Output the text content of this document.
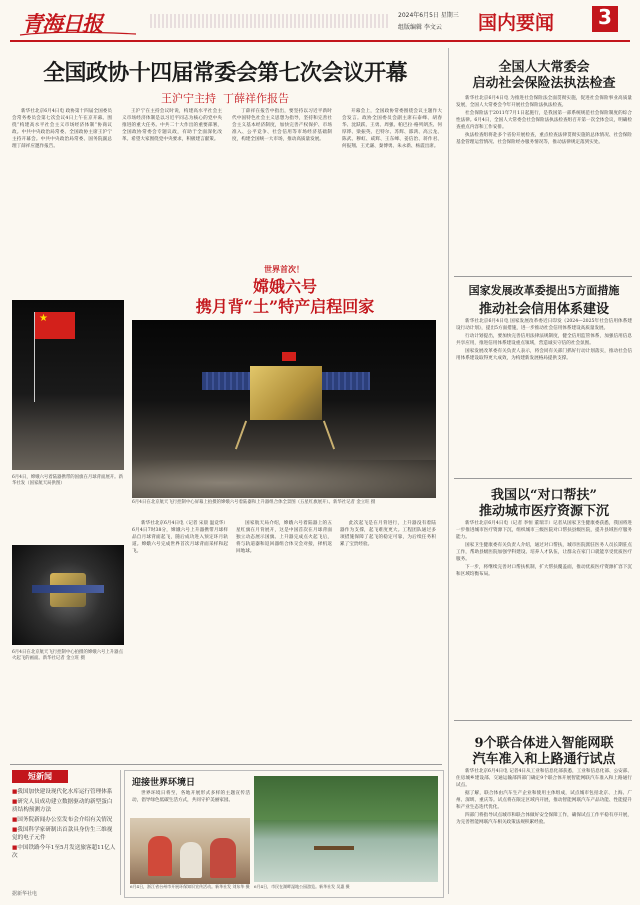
青海日报	2024年6月5日 星期三
组版编辑 李文云 国内要闻	3
全国政协十四届常委会第七次会议开幕
王沪宁主持  丁薛祥作报告

新华社北京6月4日电 政协第十四届全国委员会常务委员会第七次会议4日上午在京开幕。围绕“构建高水平社会主义市场经济体制”协商议政。中共中央政治局常委、全国政协主席王沪宁主持开幕会。中共中央政治局常委、国务院副总理丁薛祥应邀作报告。

王沪宁在主持会议时说，构建高水平社会主义市场经济体制是以习近平同志为核心的党中央推进的重大任务。中共二十大作出的重要部署，全国政协常委会专题议政，有助于全面深化改革。希望大家围绕党中央要求，积极建言献策。

丁薛祥在报告中指出，要坚持以习近平新时代中国特色社会主义思想为指导，坚持和完善社会主义基本经济制度，加快完善产权保护、市场准入、公平竞争、社会信用等市场经济基础制度，构建全国统一大市场，推动高质量发展。

开幕会上，全国政协常委围绕会议主题作大会发言。政协全国委员会副主席石泰峰、胡春华、沈跃跃、王勇、周强、帕巴拉·格列朗杰、何厚铧、梁振英、巴特尔、苏辉、邵鸿、高云龙、陈武、穆虹、咸辉、王东峰、姜信治、蒋作君、何报翔、王光谦、秦博勇、朱永新、杨震出席。

世界首次！
嫦娥六号
携月背“土”特产启程回家
★
6月4日，嫦娥六号着陆器携带的国旗在月球背面展开。新华社发（国家航天局供图）
6月4日在北京航天飞行控制中心拍摄的嫦娥六号上升器点火起飞的画面。新华社记者 金立旺 摄
6月4日在北京航天飞行控制中心屏幕上拍摄的嫦娥六号着陆器和上升器组合体全景图（五星红旗展开）。新华社记者 金立旺 摄

新华社北京6月4日电（记者 宋晨 温竞华）6月4日7时38分，嫦娥六号上升器携带月球样品自月球背面起飞，随后成功进入预定环月轨道。嫦娥六号完成世界首次月球背面采样和起飞。

国家航天局介绍，嫦娥六号着陆器上的五星红旗在月背展开，这是中国首次在月球背面独立动态展示国旗。上升器完成点火起飞后，将与轨道器和返回器组合体交会对接，择机返回地球。

此次起飞是在月背进行，上升器没有着陆器作为支撑，起飞难度更大。工程团队通过多项措施保障了起飞的稳定可靠，为后续任务积累了宝贵经验。

全国人大常委会
启动社会保险法执法检查

新华社北京6月4日电 为推进社会保险法全面贯彻实施，促进社会保险事业高质量发展，全国人大常委会今年开展社会保险法执法检查。

社会保险法于2011年7月1日起施行，是我国第一部系统规范社会保险制度的综合性法律。6月4日，全国人大常委会社会保险法执法检查组召开第一次全体会议，明确检查重点内容和工作安排。

执法检查组将赴多个省份开展检查，重点检查法律贯彻实施的总体情况、社会保险基金管理运营情况、社会保险经办服务情况等，推动法律规定落到实处。

国家发展改革委提出5方面措施
推动社会信用体系建设

新华社北京6月4日电 国家发展改革委近日印发《2024—2025年社会信用体系建设行动计划》，提出5方面措施，进一步推动社会信用体系建设高质量发展。

行动计划提出，要加快完善信用法律法规制度，健全信用监管体系，加强信用信息共享应用，推进信用体系建设重点领域，营造诚实守信的社会氛围。

国家发展改革委有关负责人表示，将会同有关部门抓好行动计划落实，推动社会信用体系建设取得更大成效，为构建新发展格局提供支撑。

我国以“对口帮扶”
推动城市医疗资源下沉

新华社北京6月4日电（记者 李恒 董瑞丰）记者从国家卫生健康委获悉，我国将进一步推进城市医疗资源下沉，组织城市三级医院对口帮扶县级医院，提升县域医疗服务能力。

国家卫生健康委有关负责人介绍，通过对口帮扶，城市医院派驻医务人员长期驻点工作，帮助县级医院加强学科建设、培养人才队伍，让群众在家门口就能享受优质医疗服务。

下一步，将继续完善对口帮扶机制，扩大帮扶覆盖面，推动优质医疗资源扩容下沉和区域均衡布局。

9个联合体进入智能网联
汽车准入和上路通行试点

新华社北京6月4日电 记者4日从工业和信息化部获悉，工业和信息化部、公安部、住房城乡建设部、交通运输部四部门确定9个联合体开展智能网联汽车准入和上路通行试点。

据了解，联合体由汽车生产企业和使用主体组成，试点城市包括北京、上海、广州、深圳、重庆等。试点将在限定区域内开展，推动智能网联汽车产品功能、性能提升和产业生态迭代优化。

四部门将指导试点城市和联合体做好安全保障工作，确保试点工作平稳有序开展，为完善智能网联汽车相关政策法规积累经验。

短新闻
■我国加快建设现代化水库运行管理体系
■研究人员成功建立数据驱动的新型蛋白质结构预测方法
■国务院新闻办公室发布会介绍有关情况
■我国科学家研制出首款具身仿生三维视觉的电子元件
■中国铁路今年1至5月发送旅客超11亿人次
据新华社电
迎接世界环境日

世界环境日将至，各地开展形式多样的主题宣传活动，倡导绿色低碳生活方式，共同守护美丽家园。

6月4日，浙江省台州市开展环保知识宣传活动。新华社发 刘东华 摄 6月4日，市民在湖畔湿地公园游览。新华社发 吴惠 摄
